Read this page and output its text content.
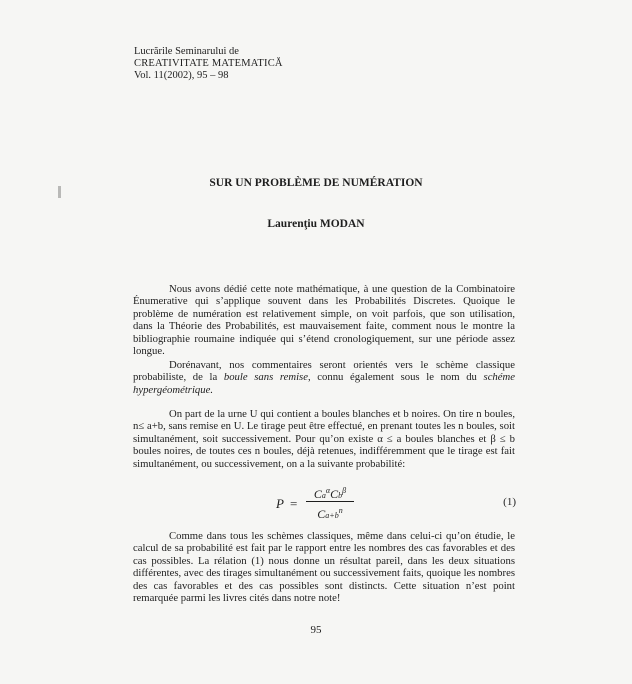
Lucrările Seminarului de
CREATIVITATE MATEMATICĂ
Vol. 11(2002), 95 – 98
SUR UN PROBLÈME DE NUMÉRATION
Laurenţiu MODAN

Nous avons dédié cette note mathématique, à une question de la Combinatoire Énumerative qui s’applique souvent dans les Probabilités Discretes. Quoique le problème de numération est relativement simple, on voit parfois, que son utilisation, dans la Théorie des Probabilités, est mauvaisement faite, comment nous le montre la bibliographie roumaine indiquée qui s’étend cronologiquement, sur une période assez longue.

Dorénavant, nos commentaires seront orientés vers le schème classique probabiliste, de la boule sans remise, connu également sous le nom du schéme hypergéométrique.

On part de la urne U qui contient a boules blanches et b noires. On tire n boules, n≤ a+b, sans remise en U. Le tirage peut être effectué, en prenant toutes les n boules, soit simultanément, soit successivement. Pour qu’on existe α ≤ a boules blanches et β ≤ b boules noires, de toutes ces n boules, déjà retenues, indifféremment que le tirage est fait simultanément, ou successivement, on a la suivante probabilité:

P =
$Ca^\alpha Cb^\beta$
$Ca+b^n$
(1)

Comme dans tous les schèmes classiques, même dans celui-ci qu’on étudie, le calcul de sa probabilité est fait par le rapport entre les nombres des cas favorables et des cas possibles. La rélation (1) nous donne un résultat pareil, dans les deux situations différentes, avec des tirages simultanément ou successivement faits, quoique les nombres des cas favorables et des cas possibles sont distincts. Cette situation n’est point remarquée parmi les livres cités dans notre note!

95
